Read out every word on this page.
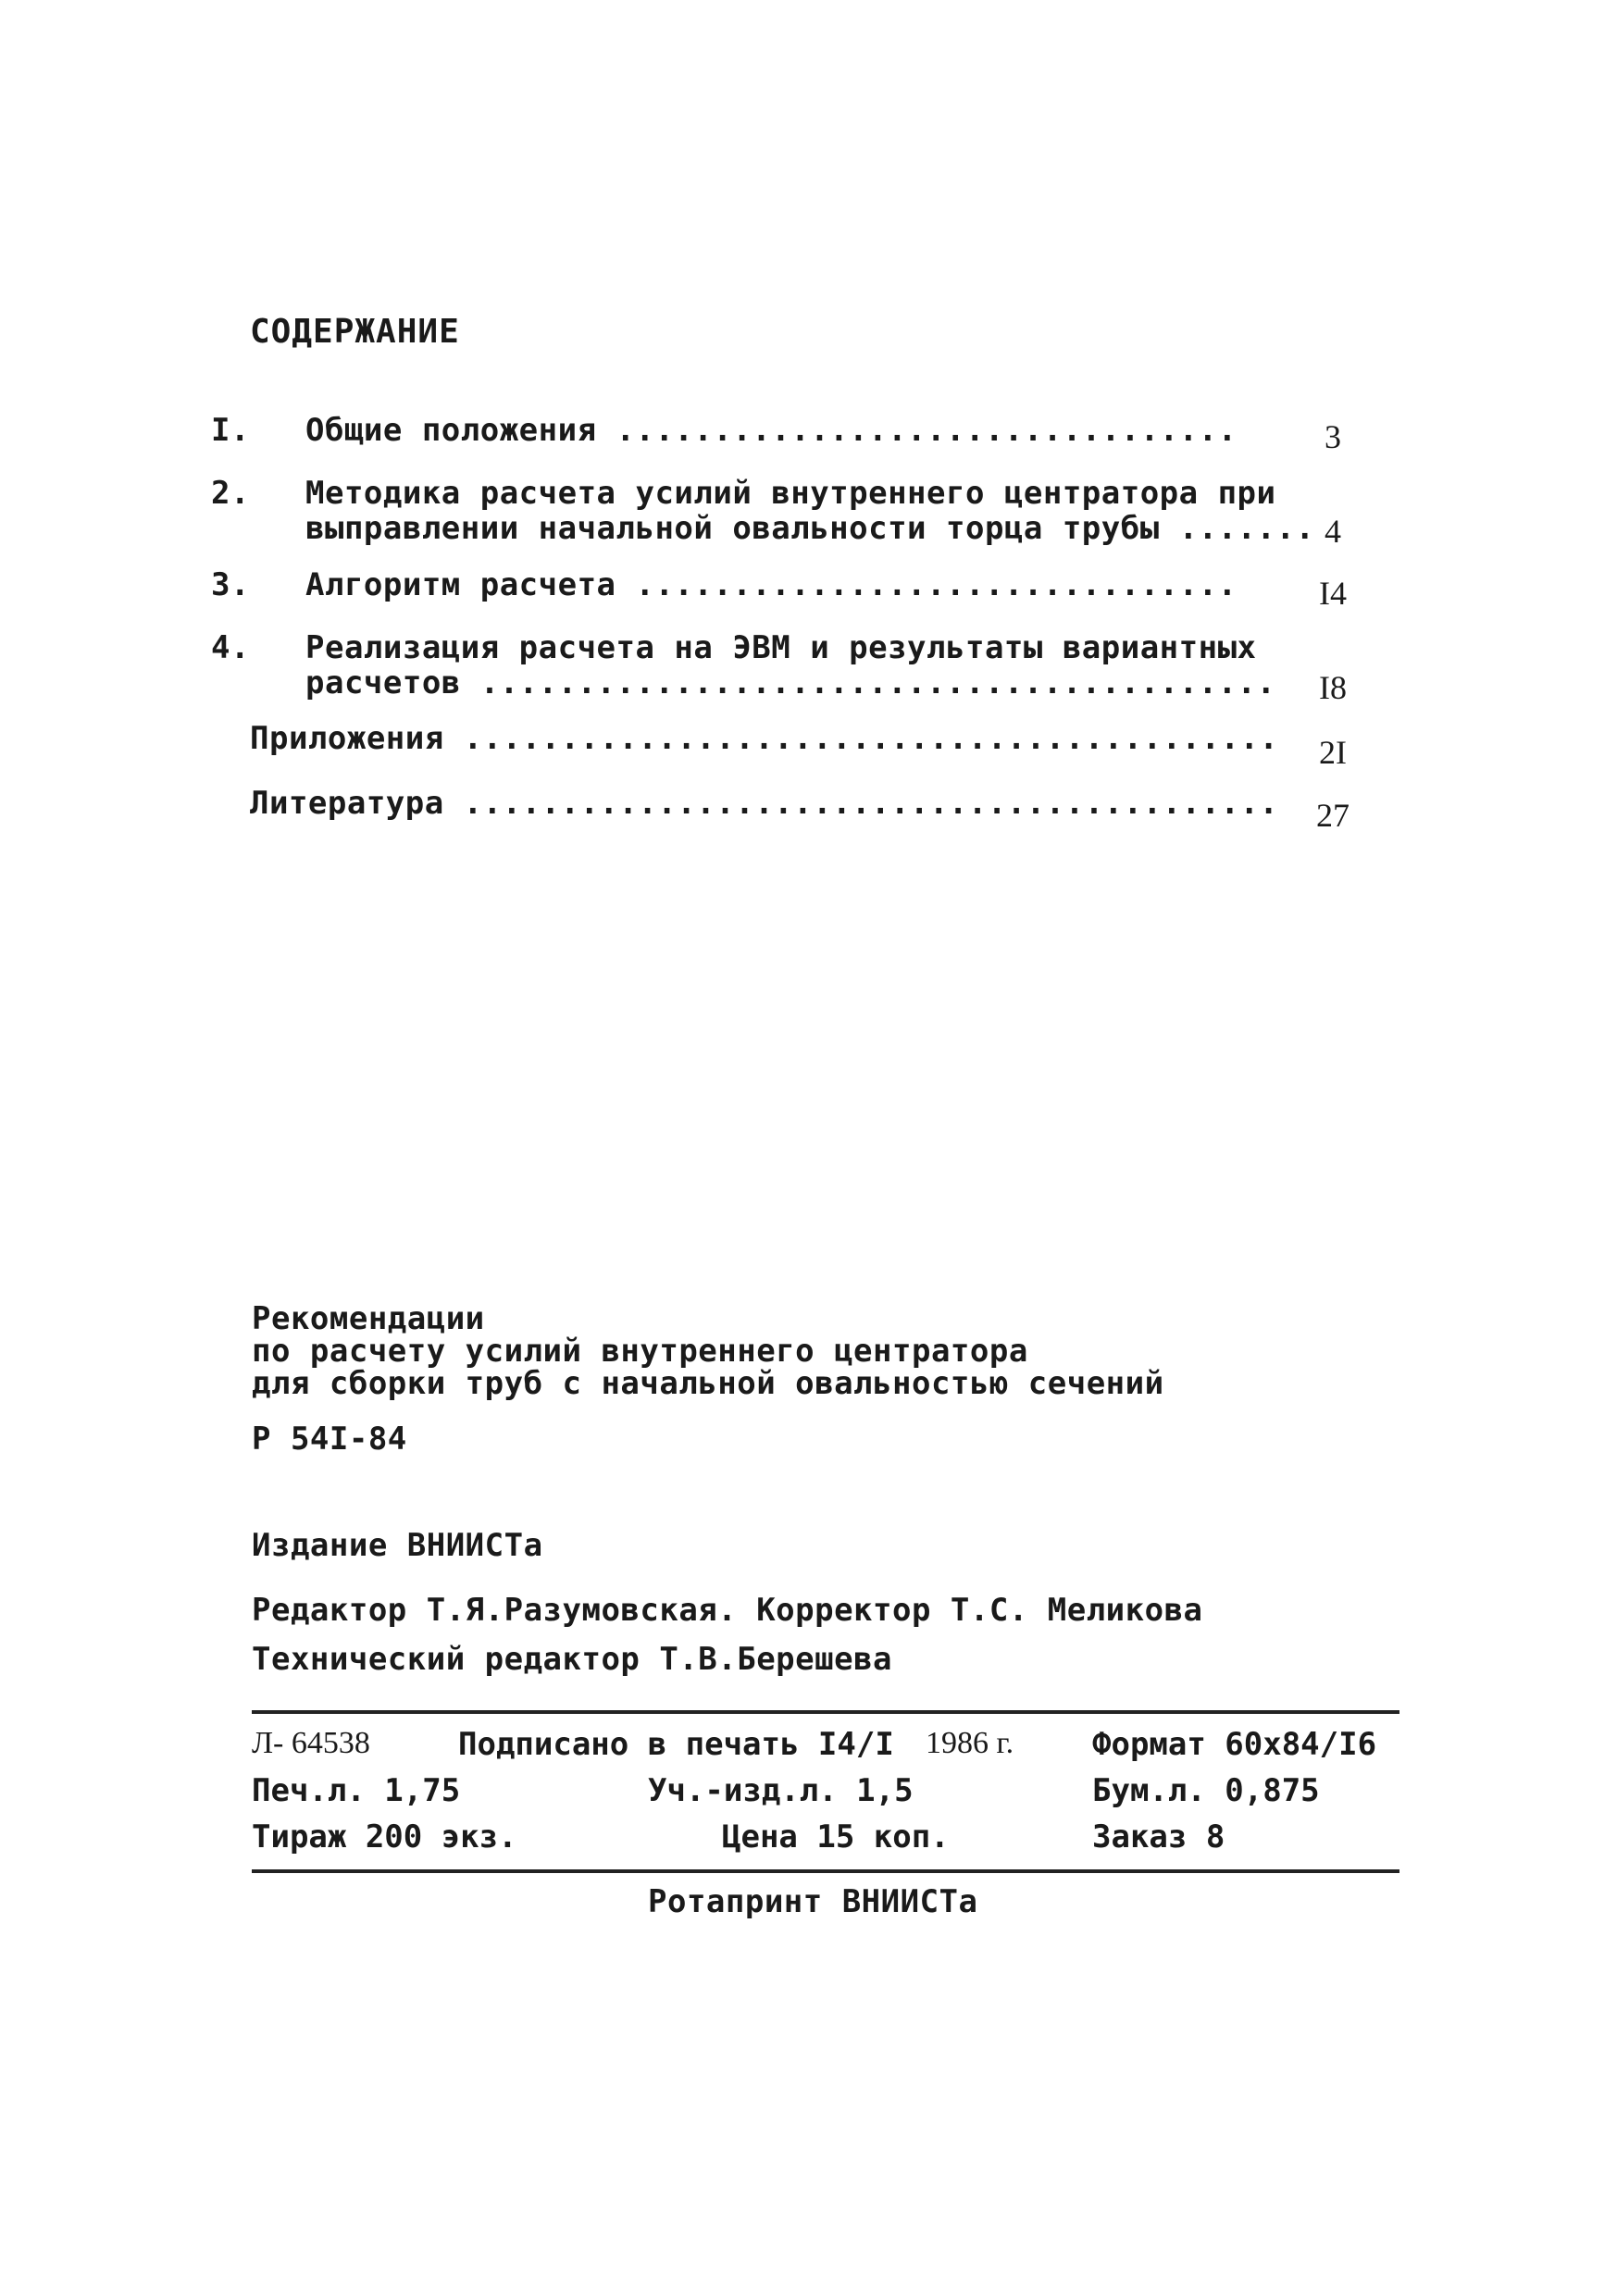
СОДЕРЖАНИЕ
I. Общие положения ................................	3
2. Методика расчета усилий внутреннего центратора при
выправлении начальной овальности торца трубы ....... 4
3. Алгоритм расчета ...............................	I4
4. Реализация расчета на ЭВМ и результаты вариантных
расчетов .........................................	I8
Приложения ..........................................	2I
Литература ..........................................	27
Рекомендации
по расчету усилий внутреннего центратора
для сборки труб с начальной овальностью сечений
Р 54I-84
Издание ВНИИСТа
Редактор Т.Я.Разумовская. Корректор Т.С. Меликова
Технический редактор Т.В.Берешева
Л- 64538	Подписано в печать I4/I 1986 г. Формат 60х84/I6
Печ.л. 1,75	Уч.-изд.л. 1,5	Бум.л. 0,875
Тираж 200 экз.	Цена 15 коп.	Заказ 8
Ротапринт ВНИИСТа
